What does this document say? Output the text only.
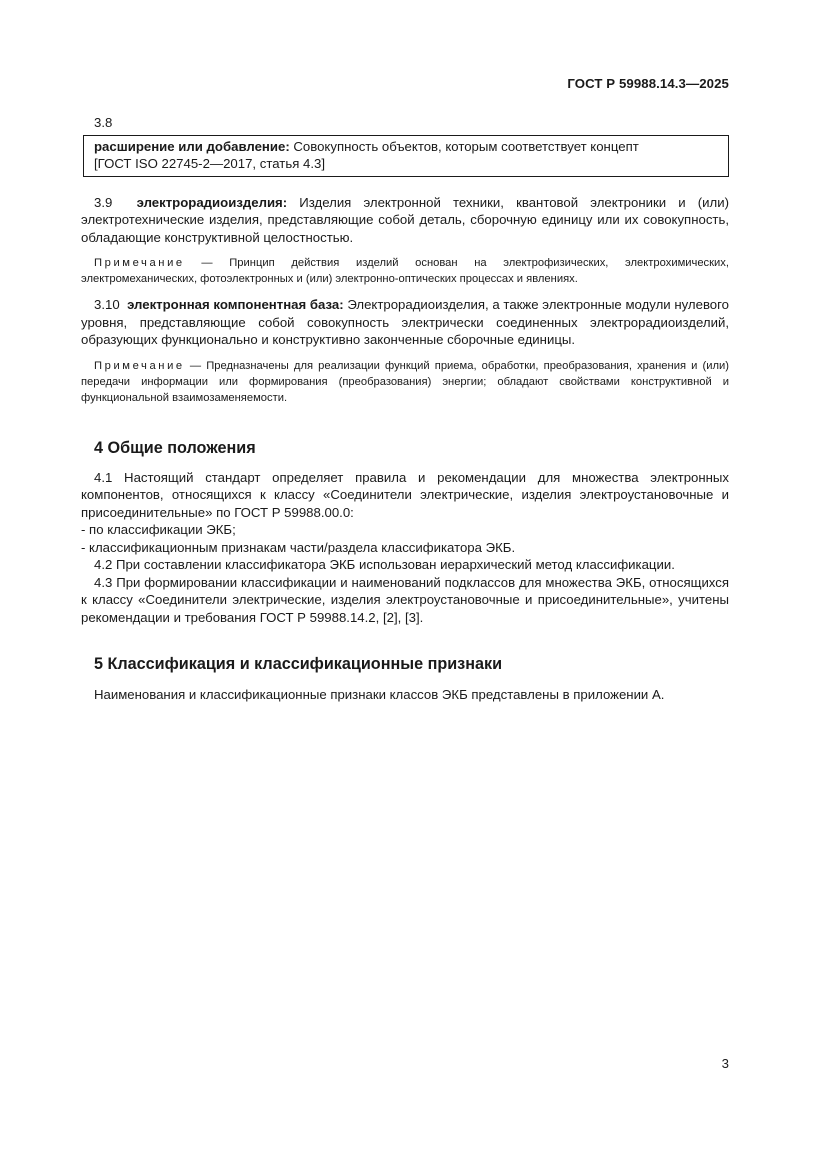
ГОСТ Р 59988.14.3—2025

3.8

расширение или добавление: Совокупность объектов, которым соответствует концепт
[ГОСТ ISO 22745-2—2017, статья 4.3]

3.9 электрорадиоизделия: Изделия электронной техники, квантовой электроники и (или) электротехнические изделия, представляющие собой деталь, сборочную единицу или их совокупность, обладающие конструктивной целостностью.

Примечание — Принцип действия изделий основан на электрофизических, электрохимических, электромеханических, фотоэлектронных и (или) электронно-оптических процессах и явлениях.

3.10 электронная компонентная база: Электрорадиоизделия, а также электронные модули нулевого уровня, представляющие собой совокупность электрически соединенных электрорадиоизделий, образующих функционально и конструктивно законченные сборочные единицы.

Примечание — Предназначены для реализации функций приема, обработки, преобразования, хранения и (или) передачи информации или формирования (преобразования) энергии; обладают свойствами конструктивной и функциональной взаимозаменяемости.

4 Общие положения

4.1 Настоящий стандарт определяет правила и рекомендации для множества электронных компонентов, относящихся к классу «Соединители электрические, изделия электроустановочные и присоединительные» по ГОСТ Р 59988.00.0:

- по классификации ЭКБ;

- классификационным признакам части/раздела классификатора ЭКБ.

4.2 При составлении классификатора ЭКБ использован иерархический метод классификации.

4.3 При формировании классификации и наименований подклассов для множества ЭКБ, относящихся к классу «Соединители электрические, изделия электроустановочные и присоединительные», учитены рекомендации и требования ГОСТ Р 59988.14.2, [2], [3].

5 Классификация и классификационные признаки

Наименования и классификационные признаки классов ЭКБ представлены в приложении А.

3
